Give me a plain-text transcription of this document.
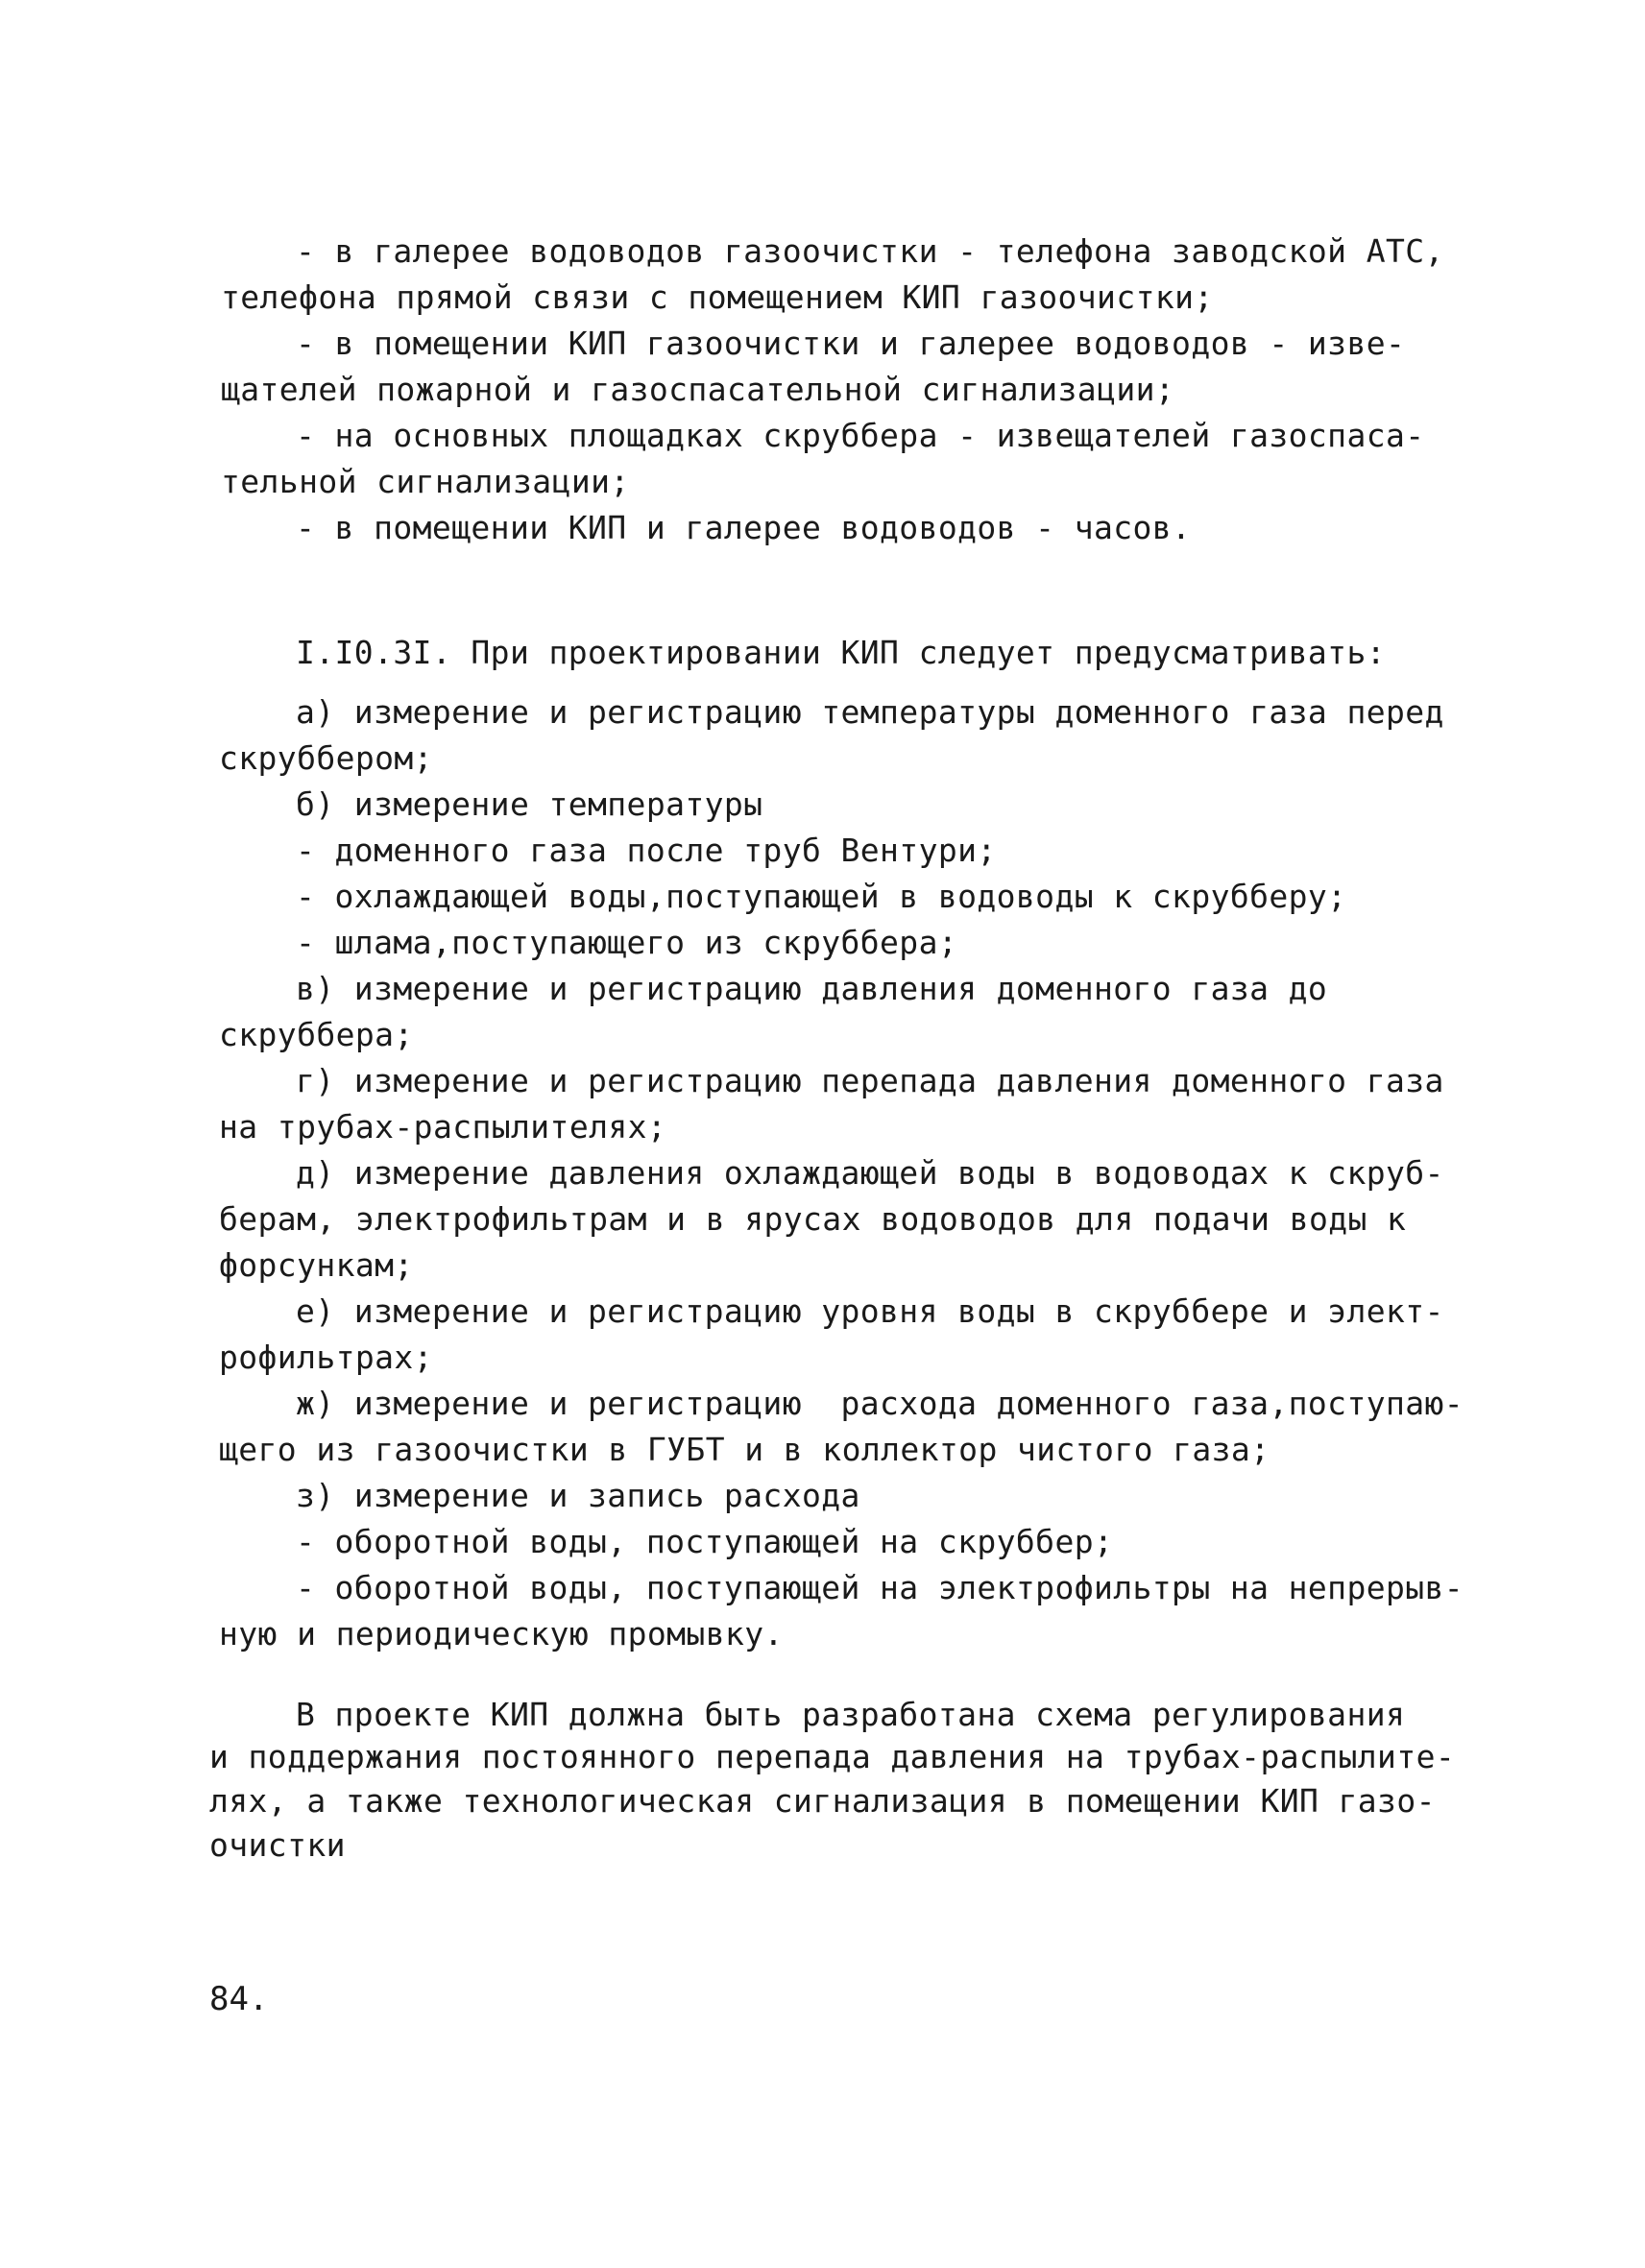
- в галерее водоводов газоочистки - телефона заводской АТС,
телефона прямой связи с помещением КИП газоочистки;
- в помещении КИП газоочистки и галерее водоводов - изве-
щателей пожарной и газоспасательной сигнализации;
- на основных площадках скруббера - извещателей газоспаса-
тельной сигнализации;
- в помещении КИП и галерее водоводов - часов.
I.I0.3I. При проектировании КИП следует предусматривать:
а) измерение и регистрацию температуры доменного газа перед
скруббером;
б) измерение температуры
- доменного газа после труб Вентури;
- охлаждающей воды,поступающей в водоводы к скрубберу;
- шлама,поступающего из скруббера;
в) измерение и регистрацию давления доменного газа до
скруббера;
г) измерение и регистрацию перепада давления доменного газа
на трубах-распылителях;
д) измерение давления охлаждающей воды в водоводах к скруб-
берам, электрофильтрам и в ярусах водоводов для подачи воды к
форсункам;
е) измерение и регистрацию уровня воды в скруббере и элект-
рофильтрах;
ж) измерение и регистрацию  расхода доменного газа,поступаю-
щего из газоочистки в ГУБТ и в коллектор чистого газа;
з) измерение и запись расхода
- оборотной воды, поступающей на скруббер;
- оборотной воды, поступающей на электрофильтры на непрерыв-
ную и периодическую промывку.
В проекте КИП должна быть разработана схема регулирования
и поддержания постоянного перепада давления на трубах-распылите-
лях, а также технологическая сигнализация в помещении КИП газо-
очистки
84.
